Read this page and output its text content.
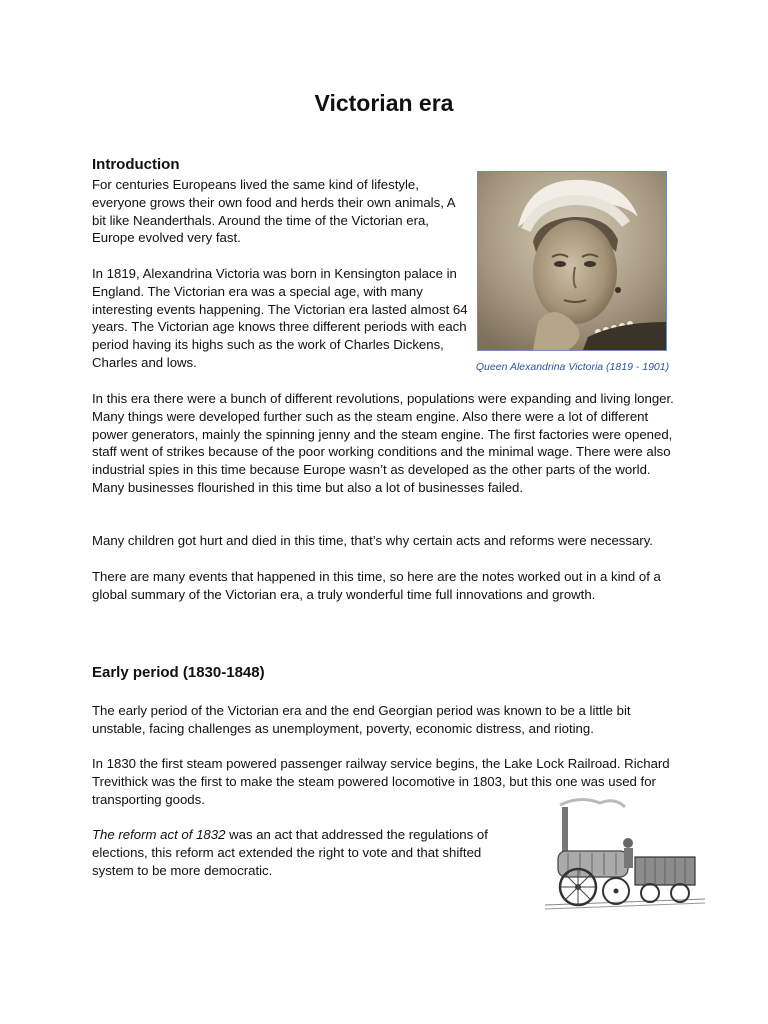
Victorian era
Introduction

For centuries Europeans lived the same kind of lifestyle, everyone grows their own food and herds their own animals, A bit like Neanderthals. Around the time of the Victorian era, Europe evolved very fast.

In 1819, Alexandrina Victoria was born in Kensington palace in England. The Victorian era was a special age, with many interesting events happening. The Victorian era lasted almost 64 years. The Victorian age knows three different periods with each period having its highs such as the work of Charles Dickens, Charles and lows.	Queen Alexandrina Victoria (1819 - 1901)

In this era there were a bunch of different revolutions, populations were expanding and living longer. Many things were developed further such as the steam engine. Also there were a lot of different power generators, mainly the spinning jenny and the steam engine. The first factories were opened, staff went of strikes because of the poor working conditions and the minimal wage. There were also industrial spies in this time because Europe wasn’t as developed as the other parts of the world. Many businesses flourished in this time but also a lot of businesses failed.

Many children got hurt and died in this time, that’s why certain acts and reforms were necessary.

There are many events that happened in this time, so here are the notes worked out in a kind of a global summary of the Victorian era, a truly wonderful time full innovations and growth.

Early period (1830-1848)

The early period of the Victorian era and the end Georgian period was known to be a little bit unstable, facing challenges as unemployment, poverty, economic distress, and rioting.

In 1830 the first steam powered passenger railway service begins, the Lake Lock Railroad. Richard Trevithick was the first to make the steam powered locomotive in 1803, but this one was used for transporting goods.

The reform act of 1832 was an act that addressed the regulations of elections, this reform act extended the right to vote and that shifted system to be more democratic.
